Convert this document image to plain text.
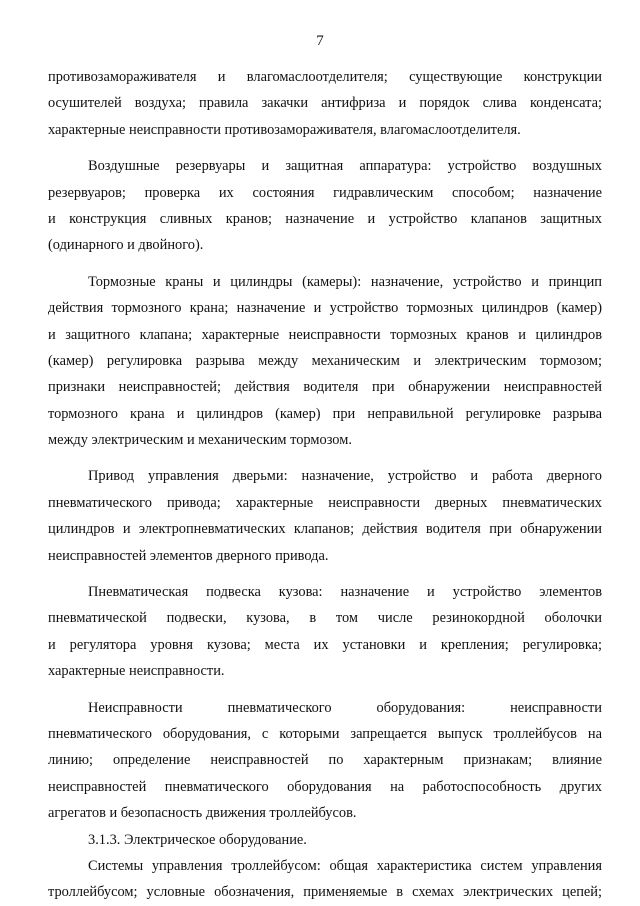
7
противозамораживателя и влагомаслоотделителя; существующие конструкции
осушителей воздуха; правила закачки антифриза и порядок слива конденсата;
характерные неисправности противозамораживателя, влагомаслоотделителя.
Воздушные резервуары и защитная аппаратура: устройство воздушных
резервуаров; проверка их состояния гидравлическим способом; назначение
и конструкция сливных кранов; назначение и устройство клапанов защитных
(одинарного и двойного).
Тормозные краны и цилиндры (камеры): назначение, устройство и принцип
действия тормозного крана; назначение и устройство тормозных цилиндров (камер)
и защитного клапана; характерные неисправности тормозных кранов и цилиндров
(камер) регулировка разрыва между механическим и электрическим тормозом;
признаки неисправностей; действия водителя при обнаружении неисправностей
тормозного крана и цилиндров (камер) при неправильной регулировке разрыва
между электрическим и механическим тормозом.
Привод управления дверьми: назначение, устройство и работа дверного
пневматического привода; характерные неисправности дверных пневматических
цилиндров и электропневматических клапанов; действия водителя при обнаружении
неисправностей элементов дверного привода.
Пневматическая подвеска кузова: назначение и устройство элементов
пневматической подвески, кузова, в том числе резинокордной оболочки
и регулятора уровня кузова; места их установки и крепления; регулировка;
характерные неисправности.
Неисправности пневматического оборудования: неисправности
пневматического оборудования, с которыми запрещается выпуск троллейбусов на
линию; определение неисправностей по характерным признакам; влияние
неисправностей пневматического оборудования на работоспособность других
агрегатов и безопасность движения троллейбусов.
3.1.3. Электрическое оборудование.
Системы управления троллейбусом: общая характеристика систем управления
троллейбусом; условные обозначения, применяемые в схемах электрических цепей;
